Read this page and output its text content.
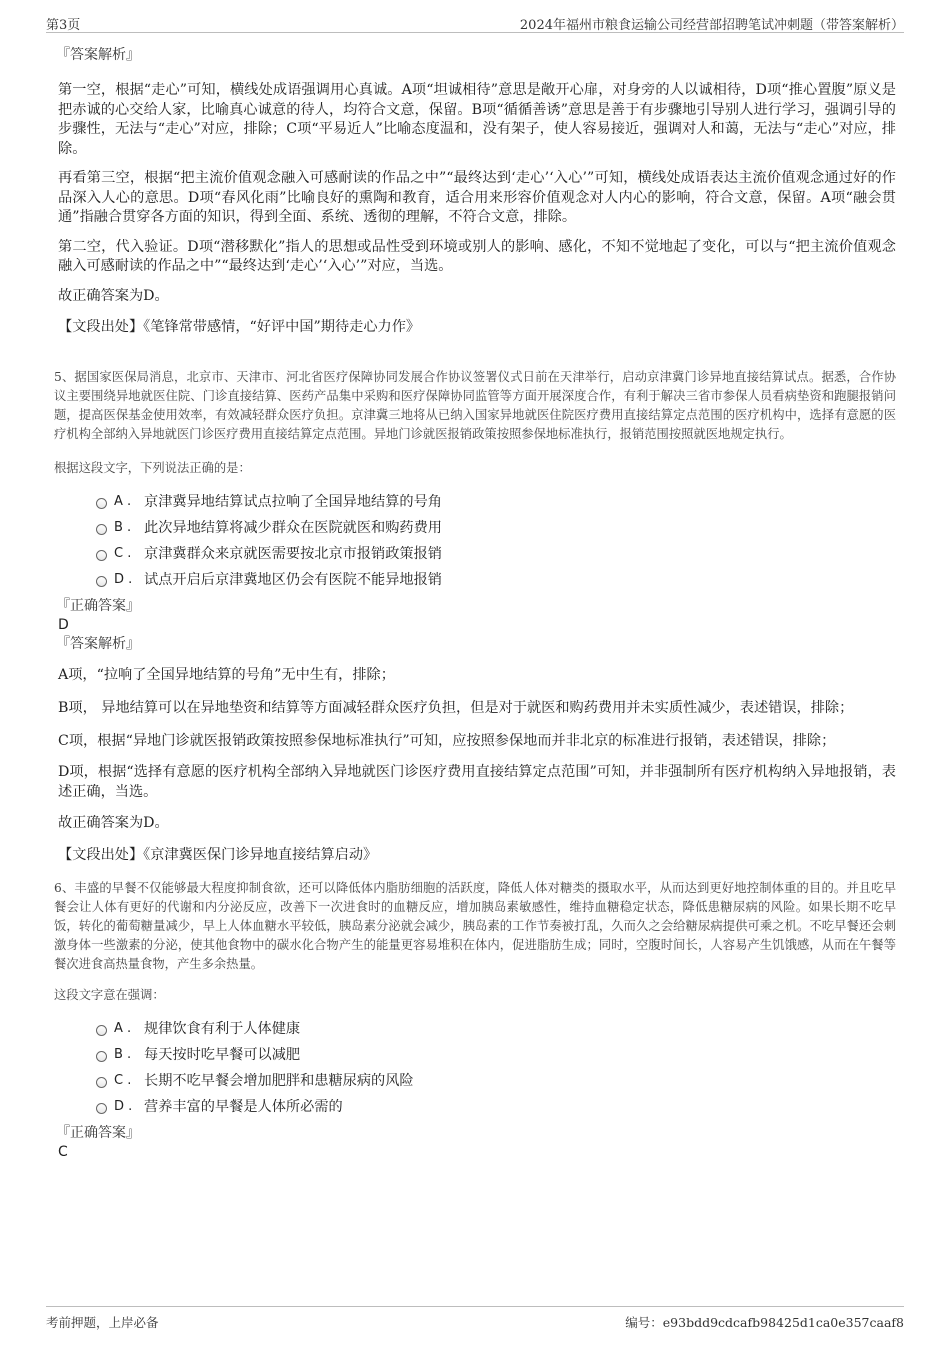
第3页	2024年福州市粮食运输公司经营部招聘笔试冲刺题（带答案解析）

『答案解析』

第一空，根据“走心”可知，横线处成语强调用心真诚。A项“坦诚相待”意思是敞开心扉，对身旁的人以诚相待，D项“推心置腹”原义是把赤诚的心交给人家，比喻真心诚意的待人，均符合文意，保留。B项“循循善诱”意思是善于有步骤地引导别人进行学习，强调引导的步骤性，无法与“走心”对应，排除；C项“平易近人”比喻态度温和，没有架子，使人容易接近，强调对人和蔼，无法与“走心”对应，排除。

再看第三空，根据“把主流价值观念融入可感耐读的作品之中”“最终达到‘走心’‘入心’”可知，横线处成语表达主流价值观念通过好的作品深入人心的意思。D项“春风化雨”比喻良好的熏陶和教育，适合用来形容价值观念对人内心的影响，符合文意，保留。A项“融会贯通”指融合贯穿各方面的知识，得到全面、系统、透彻的理解，不符合文意，排除。

第二空，代入验证。D项“潜移默化”指人的思想或品性受到环境或别人的影响、感化，不知不觉地起了变化，可以与“把主流价值观念融入可感耐读的作品之中”“最终达到‘走心’‘入心’”对应，当选。

故正确答案为D。

【文段出处】《笔锋常带感情，“好评中国”期待走心力作》

5、据国家医保局消息，北京市、天津市、河北省医疗保障协同发展合作协议签署仪式日前在天津举行，启动京津冀门诊异地直接结算试点。据悉，合作协议主要围绕异地就医住院、门诊直接结算、医药产品集中采购和医疗保障协同监管等方面开展深度合作，有利于解决三省市参保人员看病垫资和跑腿报销问题，提高医保基金使用效率，有效减轻群众医疗负担。京津冀三地将从已纳入国家异地就医住院医疗费用直接结算定点范围的医疗机构中，选择有意愿的医疗机构全部纳入异地就医门诊医疗费用直接结算定点范围。异地门诊就医报销政策按照参保地标准执行，报销范围按照就医地规定执行。

根据这段文字，下列说法正确的是：

A . 京津冀异地结算试点拉响了全国异地结算的号角
B . 此次异地结算将减少群众在医院就医和购药费用
C . 京津冀群众来京就医需要按北京市报销政策报销
D . 试点开启后京津冀地区仍会有医院不能异地报销

『正确答案』

D

『答案解析』

A项，“拉响了全国异地结算的号角”无中生有，排除；

B项， 异地结算可以在异地垫资和结算等方面减轻群众医疗负担，但是对于就医和购药费用并未实质性减少，表述错误，排除；

C项，根据“异地门诊就医报销政策按照参保地标准执行”可知，应按照参保地而并非北京的标准进行报销，表述错误，排除；

D项，根据“选择有意愿的医疗机构全部纳入异地就医门诊医疗费用直接结算定点范围”可知，并非强制所有医疗机构纳入异地报销，表述正确，当选。

故正确答案为D。

【文段出处】《京津冀医保门诊异地直接结算启动》

6、丰盛的早餐不仅能够最大程度抑制食欲，还可以降低体内脂肪细胞的活跃度，降低人体对糖类的摄取水平，从而达到更好地控制体重的目的。并且吃早餐会让人体有更好的代谢和内分泌反应，改善下一次进食时的血糖反应，增加胰岛素敏感性，维持血糖稳定状态，降低患糖尿病的风险。如果长期不吃早饭，转化的葡萄糖量减少，早上人体血糖水平较低，胰岛素分泌就会减少，胰岛素的工作节奏被打乱，久而久之会给糖尿病提供可乘之机。不吃早餐还会刺激身体一些激素的分泌，使其他食物中的碳水化合物产生的能量更容易堆积在体内，促进脂肪生成；同时，空腹时间长，人容易产生饥饿感，从而在午餐等餐次进食高热量食物，产生多余热量。

这段文字意在强调：

A . 规律饮食有利于人体健康
B . 每天按时吃早餐可以减肥
C . 长期不吃早餐会增加肥胖和患糖尿病的风险
D . 营养丰富的早餐是人体所必需的

『正确答案』

C

考前押题，上岸必备	编号：e93bdd9cdcafb98425d1ca0e357caaf8
